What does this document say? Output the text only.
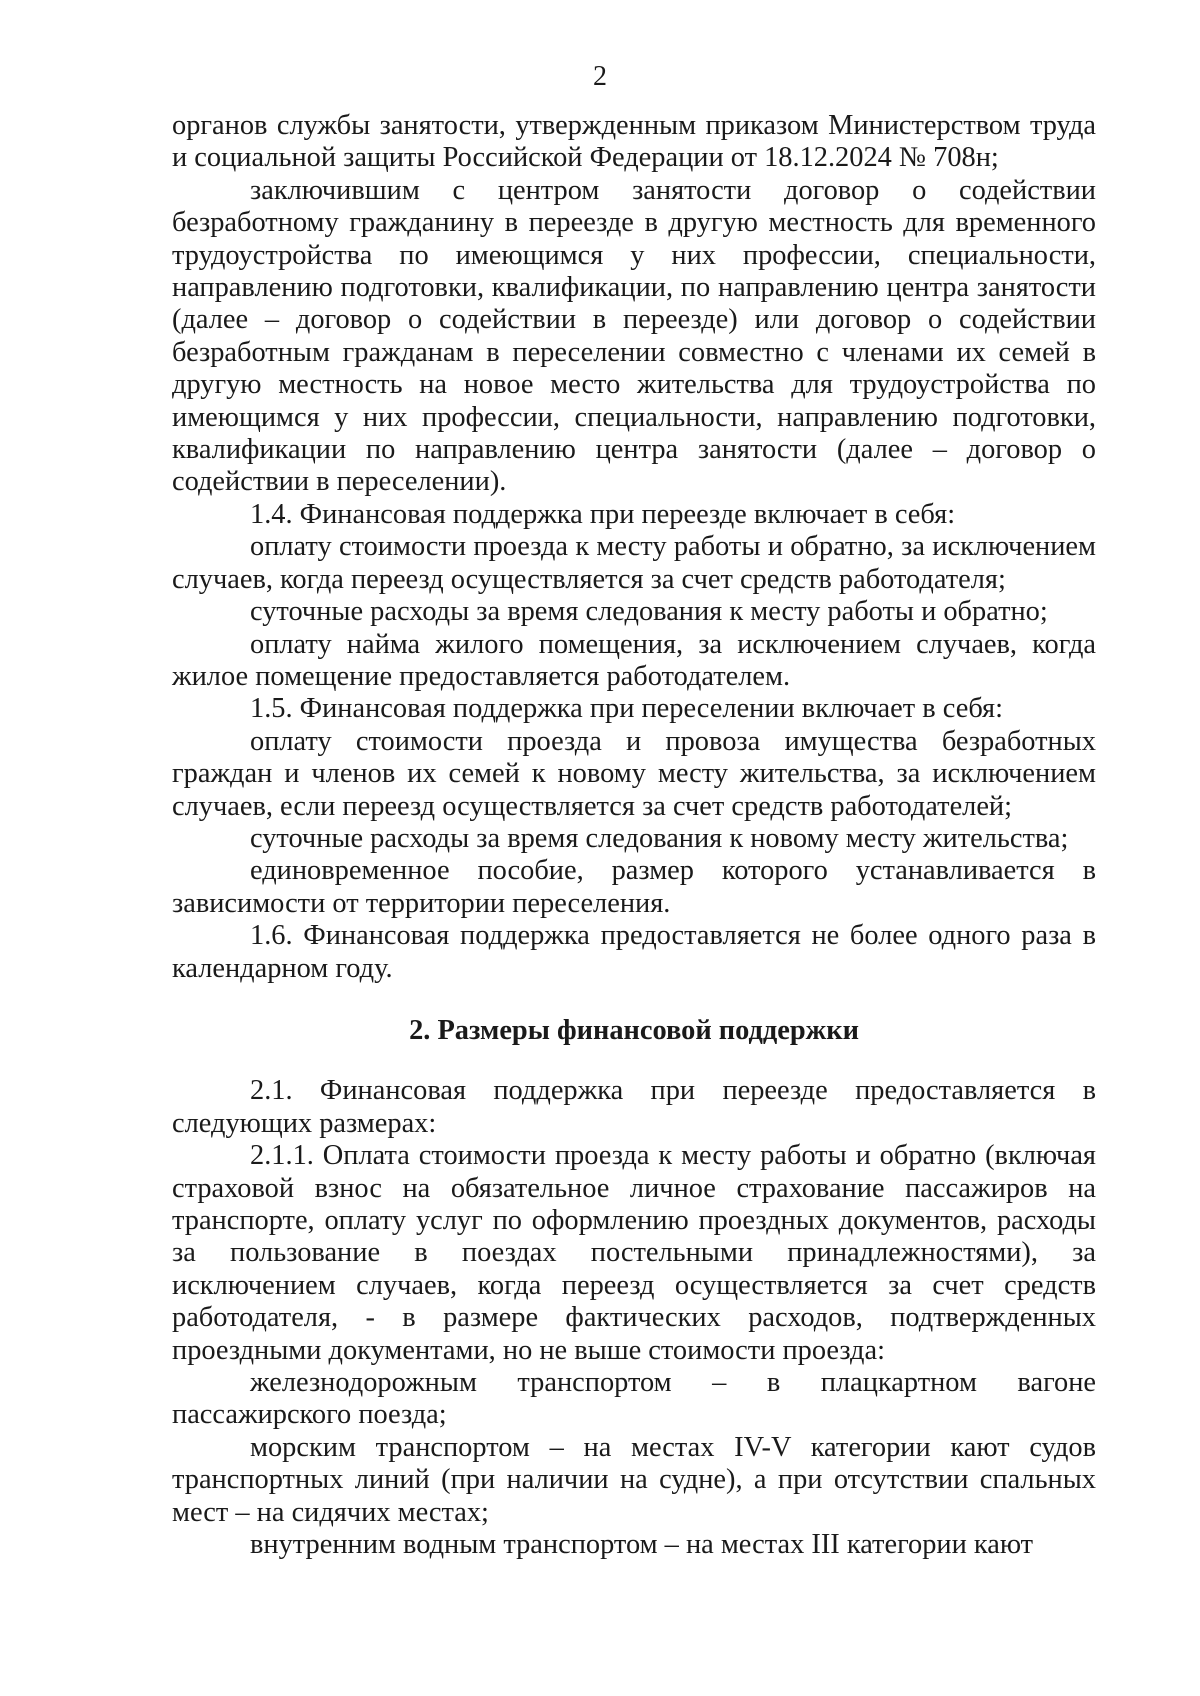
2

органов службы занятости, утвержденным приказом Министерством труда и социальной защиты Российской Федерации от 18.12.2024 № 708н;

заключившим с центром занятости договор о содействии безработному гражданину в переезде в другую местность для временного трудоустройства по имеющимся у них профессии, специальности, направлению подготовки, квалификации, по направлению центра занятости (далее – договор о содействии в переезде) или договор о содействии безработным гражданам в переселении совместно с членами их семей в другую местность на новое место жительства для трудоустройства по имеющимся у них профессии, специальности, направлению подготовки, квалификации по направлению центра занятости (далее – договор о содействии в переселении).

1.4. Финансовая поддержка при переезде включает в себя:

оплату стоимости проезда к месту работы и обратно, за исключением случаев, когда переезд осуществляется за счет средств работодателя;

суточные расходы за время следования к месту работы и обратно;

оплату найма жилого помещения, за исключением случаев, когда жилое помещение предоставляется работодателем.

1.5. Финансовая поддержка при переселении включает в себя:

оплату стоимости проезда и провоза имущества безработных граждан и членов их семей к новому месту жительства, за исключением случаев, если переезд осуществляется за счет средств работодателей;

суточные расходы за время следования к новому месту жительства;

единовременное пособие, размер которого устанавливается в зависимости от территории переселения.

1.6. Финансовая поддержка предоставляется не более одного раза в календарном году.

2. Размеры финансовой поддержки

2.1. Финансовая поддержка при переезде предоставляется в следующих размерах:

2.1.1. Оплата стоимости проезда к месту работы и обратно (включая страховой взнос на обязательное личное страхование пассажиров на транспорте, оплату услуг по оформлению проездных документов, расходы за пользование в поездах постельными принадлежностями), за исключением случаев, когда переезд осуществляется за счет средств работодателя, - в размере фактических расходов, подтвержденных проездными документами, но не выше стоимости проезда:

железнодорожным транспортом – в плацкартном вагоне пассажирского поезда;

морским транспортом – на местах IV-V категории кают судов транспортных линий (при наличии на судне), а при отсутствии спальных мест – на сидячих местах;

внутренним водным транспортом – на местах III категории кают
